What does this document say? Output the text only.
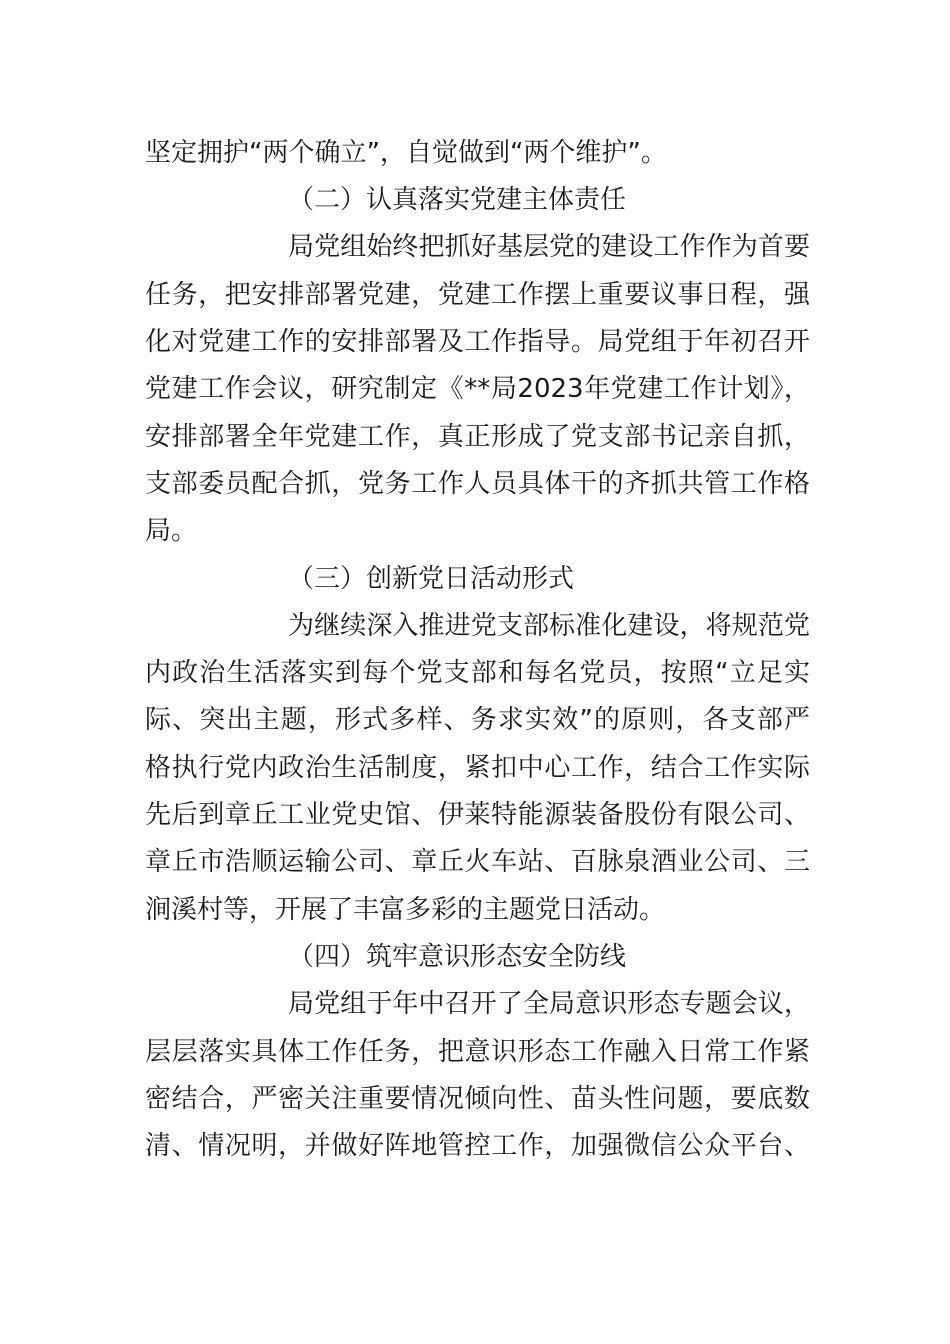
坚定拥护“两个确立”，自觉做到“两个维护”。
（二）认真落实党建主体责任
局党组始终把抓好基层党的建设工作作为首要
任务，把安排部署党建，党建工作摆上重要议事日程，强
化对党建工作的安排部署及工作指导。局党组于年初召开
党建工作会议，研究制定《**局2023年党建工作计划》，
安排部署全年党建工作，真正形成了党支部书记亲自抓，
支部委员配合抓，党务工作人员具体干的齐抓共管工作格
局。
（三）创新党日活动形式
为继续深入推进党支部标准化建设，将规范党
内政治生活落实到每个党支部和每名党员，按照“立足实
际、突出主题，形式多样、务求实效”的原则，各支部严
格执行党内政治生活制度，紧扣中心工作，结合工作实际
先后到章丘工业党史馆、伊莱特能源装备股份有限公司、
章丘市浩顺运输公司、章丘火车站、百脉泉酒业公司、三
涧溪村等，开展了丰富多彩的主题党日活动。
（四）筑牢意识形态安全防线
局党组于年中召开了全局意识形态专题会议，
层层落实具体工作任务，把意识形态工作融入日常工作紧
密结合，严密关注重要情况倾向性、苗头性问题，要底数
清、情况明，并做好阵地管控工作，加强微信公众平台、
